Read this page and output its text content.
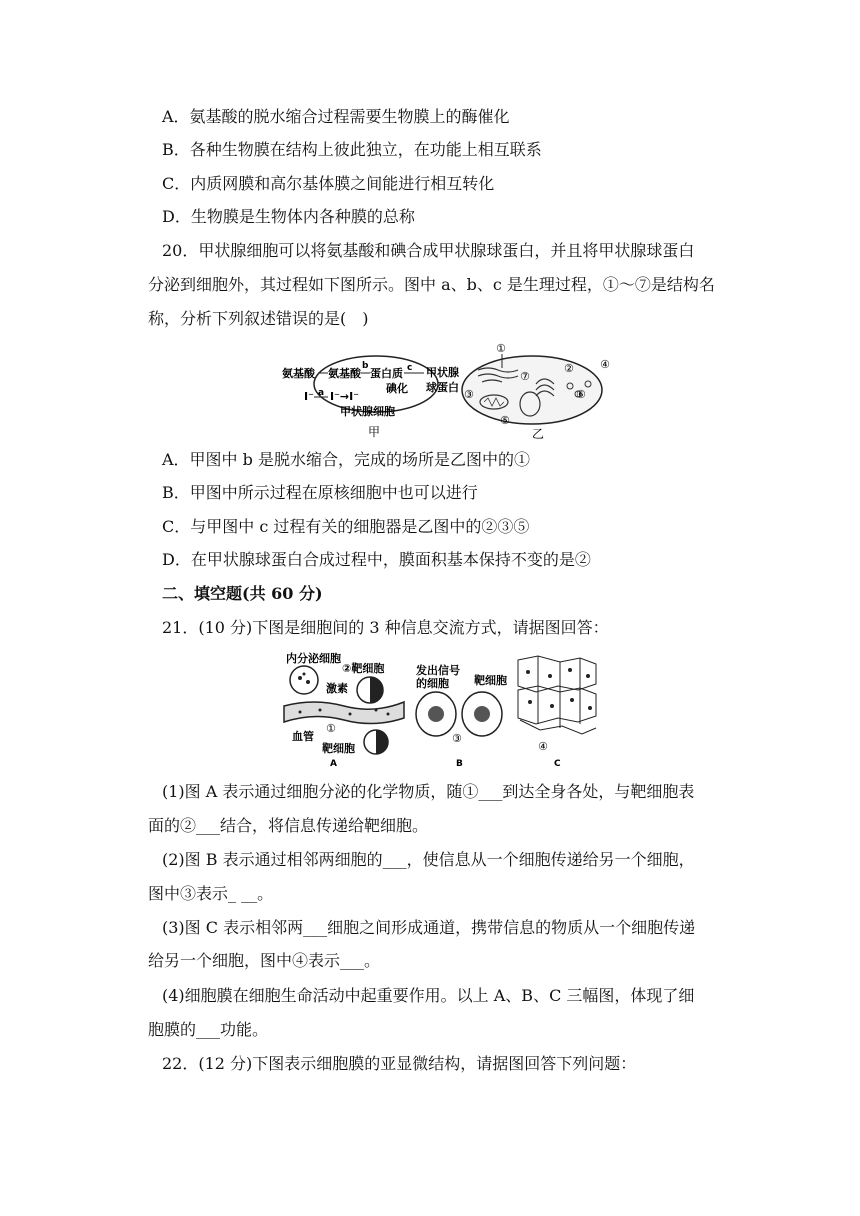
A．氨基酸的脱水缩合过程需要生物膜上的酶催化
B．各种生物膜在结构上彼此独立，在功能上相互联系
C．内质网膜和高尔基体膜之间能进行相互转化
D．生物膜是生物体内各种膜的总称
20．甲状腺细胞可以将氨基酸和碘合成甲状腺球蛋白，并且将甲状腺球蛋白
分泌到细胞外，其过程如下图所示。图中 a、b、c 是生理过程，①～⑦是结构名
称，分析下列叙述错误的是(　)
氨基酸 氨基酸
b
蛋白质 c
碘化
甲状腺
球蛋白
I⁻ a I⁻→I⁻
甲状腺细胞
甲
①
⑦
② ④
⑥
③
⑤
乙
A．甲图中 b 是脱水缩合，完成的场所是乙图中的①
B．甲图中所示过程在原核细胞中也可以进行
C．与甲图中 c 过程有关的细胞器是乙图中的②③⑤
D．在甲状腺球蛋白合成过程中，膜面积基本保持不变的是②
二、填空题(共 60 分)
21．(10 分)下图是细胞间的 3 种信息交流方式，请据图回答：
内分泌细胞
②靶细胞
激素
①
血管
靶细胞
A
发出信号
的细胞 靶细胞
③
B
④
C
(1)图 A 表示通过细胞分泌的化学物质，随①___到达全身各处，与靶细胞表
面的②___结合，将信息传递给靶细胞。
(2)图 B 表示通过相邻两细胞的___，使信息从一个细胞传递给另一个细胞，
图中③表示_ __。
(3)图 C 表示相邻两___细胞之间形成通道，携带信息的物质从一个细胞传递
给另一个细胞，图中④表示___。
(4)细胞膜在细胞生命活动中起重要作用。以上 A、B、C 三幅图，体现了细
胞膜的___功能。
22．(12 分)下图表示细胞膜的亚显微结构，请据图回答下列问题：
